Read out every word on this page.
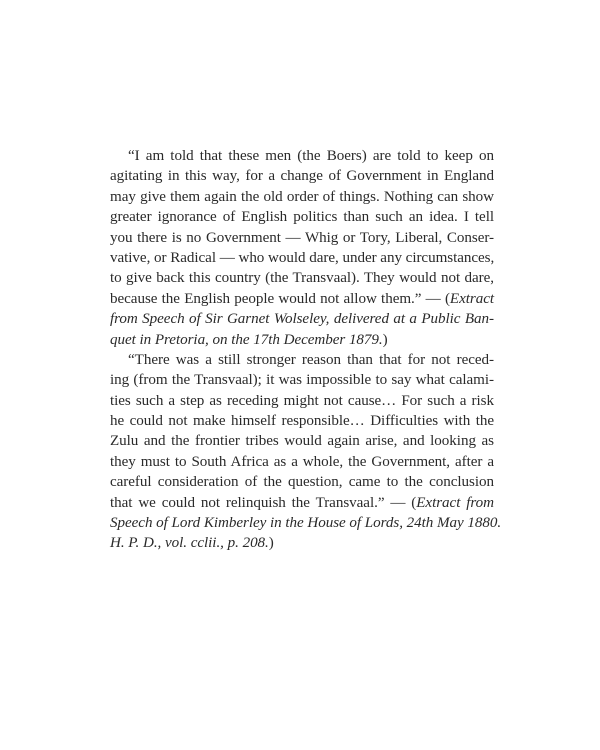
“I am told that these men (the Boers) are told to keep on
agitating in this way, for a change of Government in England
may give them again the old order of things. Nothing can show
greater ignorance of English politics than such an idea. I tell
you there is no Government — Whig or Tory, Liberal, Conser-
vative, or Radical — who would dare, under any circumstances,
to give back this country (the Transvaal). They would not dare,
because the English people would not allow them.” — (Extract
from Speech of Sir Garnet Wolseley, delivered at a Public Ban-
quet in Pretoria, on the 17th December 1879.)
“There was a still stronger reason than that for not reced-
ing (from the Transvaal); it was impossible to say what calami-
ties such a step as receding might not cause… For such a risk
he could not make himself responsible… Difficulties with the
Zulu and the frontier tribes would again arise, and looking as
they must to South Africa as a whole, the Government, after a
careful consideration of the question, came to the conclusion
that we could not relinquish the Transvaal.” — (Extract from
Speech of Lord Kimberley in the House of Lords, 24th May 1880.
H. P. D., vol. cclii., p. 208.)
